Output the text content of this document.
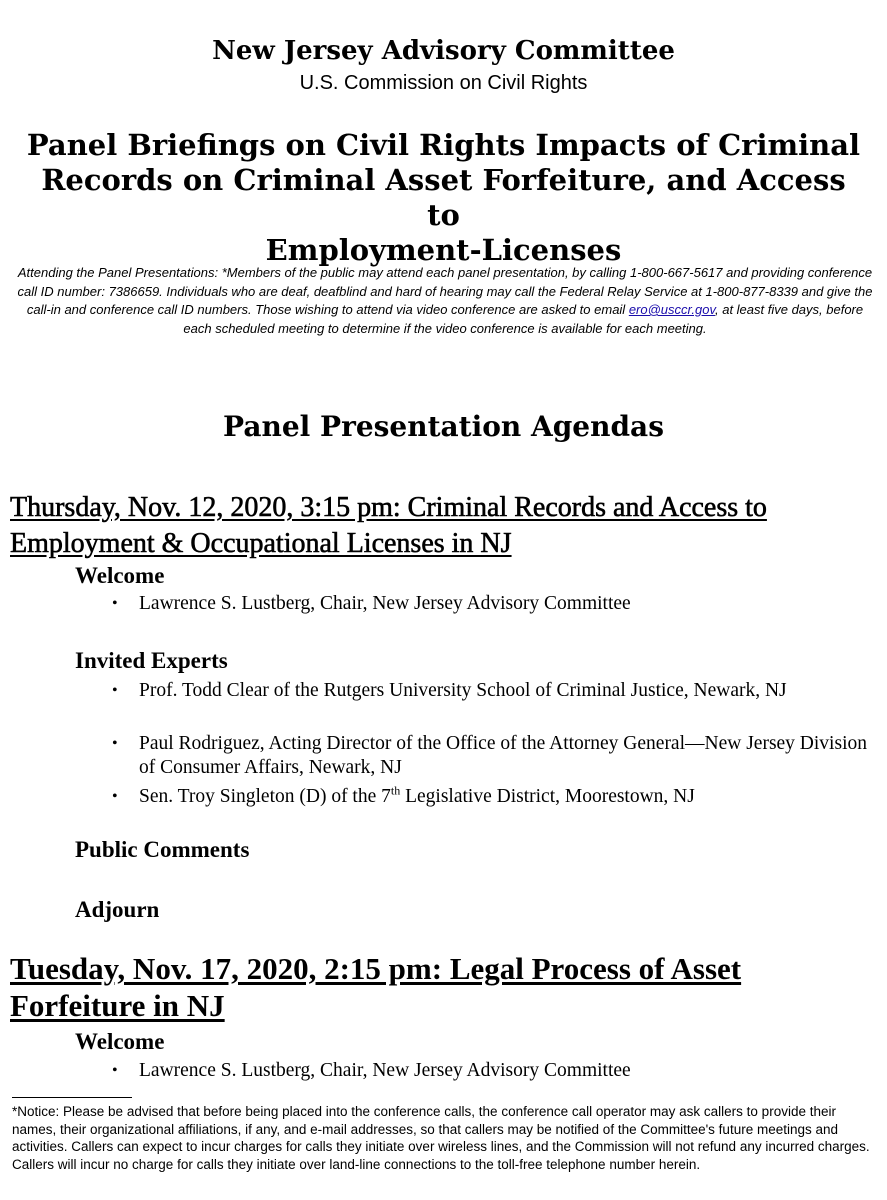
New Jersey Advisory Committee
U.S. Commission on Civil Rights
Panel Briefings on Civil Rights Impacts of Criminal
Records on Criminal Asset Forfeiture, and Access to
Employment-Licenses
Attending the Panel Presentations: *Members of the public may attend each panel presentation, by calling 1-800-667-5617 and providing conference call ID number: 7386659. Individuals who are deaf, deafblind and hard of hearing may call the Federal Relay Service at 1-800-877-8339 and give the call-in and conference call ID numbers. Those wishing to attend via video conference are asked to email ero@usccr.gov, at least five days, before each scheduled meeting to determine if the video conference is available for each meeting.
Panel Presentation Agendas
Thursday, Nov. 12, 2020, 3:15 pm: Criminal Records and Access to
Employment & Occupational Licenses in NJ
Welcome
•	Lawrence S. Lustberg, Chair, New Jersey Advisory Committee
Invited Experts
•	Prof. Todd Clear of the Rutgers University School of Criminal Justice, Newark, NJ
•	Paul Rodriguez, Acting Director of the Office of the Attorney General—New Jersey Division of Consumer Affairs, Newark, NJ
•	Sen. Troy Singleton (D) of the 7th Legislative District, Moorestown, NJ
Public Comments
Adjourn
Tuesday, Nov. 17, 2020, 2:15 pm: Legal Process of Asset
Forfeiture in NJ
Welcome
•	Lawrence S. Lustberg, Chair, New Jersey Advisory Committee
*Notice: Please be advised that before being placed into the conference calls, the conference call operator may ask callers to provide their names, their organizational affiliations, if any, and e-mail addresses, so that callers may be notified of the Committee's future meetings and activities. Callers can expect to incur charges for calls they initiate over wireless lines, and the Commission will not refund any incurred charges. Callers will incur no charge for calls they initiate over land-line connections to the toll-free telephone number herein.
